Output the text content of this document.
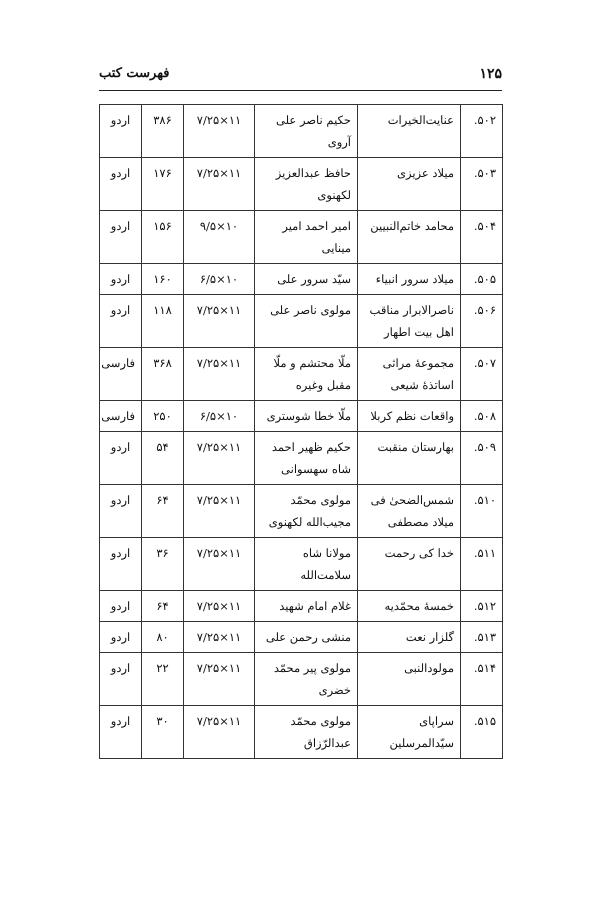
۱۲۵
فهرست کتب
۵۰۲.	عنایت‌الخیرات	حکیم ناصر علی آروی	۱۱×۷/۲۵	۳۸۶	اردو
۵۰۳.	میلاد عزیزی	حافظ عبدالعزیز لکهنوی	۱۱×۷/۲۵	۱۷۶	اردو
۵۰۴.	محامد خاتم‌النبیین	امیر احمد امیر مینایی	۱۰×۹/۵	۱۵۶	اردو
۵۰۵.	میلاد سرور انبیاء	سیّد سرور علی	۱۰×۶/۵	۱۶۰	اردو
۵۰۶.	ناصرالابرار مناقب اهل بیت اطهار	مولوی ناصر علی	۱۱×۷/۲۵	۱۱۸	اردو
۵۰۷.	مجموعهٔ مراثی اساتذهٔ شیعی	ملّا محتشم و ملّا مقبل وغیره	۱۱×۷/۲۵	۳۶۸	فارسی
۵۰۸.	واقعات نظم کربلا	ملّا خطا شوستری	۱۰×۶/۵	۲۵۰	فارسی
۵۰۹.	بهارستان منقبت	حکیم ظهیر احمد شاه سهسوانی	۱۱×۷/۲۵	۵۴	اردو
۵۱۰.	شمس‌الضحیٰ فی میلاد مصطفی	مولوی محمّد مجیب‌الله لکهنوی	۱۱×۷/۲۵	۶۴	اردو
۵۱۱.	خدا کی رحمت	مولانا شاه سلامت‌الله	۱۱×۷/۲۵	۳۶	اردو
۵۱۲.	خمسهٔ محمّدیه	غلام امام شهید	۱۱×۷/۲۵	۶۴	اردو
۵۱۳.	گلزار نعت	منشی رحمن علی	۱۱×۷/۲۵	۸۰	اردو
۵۱۴.	مولودالنبی	مولوی پیر محمّد خضری	۱۱×۷/۲۵	۲۲	اردو
۵۱۵.	سراپای سیّدالمرسلین	مولوی محمّد عبدالرّزاق	۱۱×۷/۲۵	۳۰	اردو
